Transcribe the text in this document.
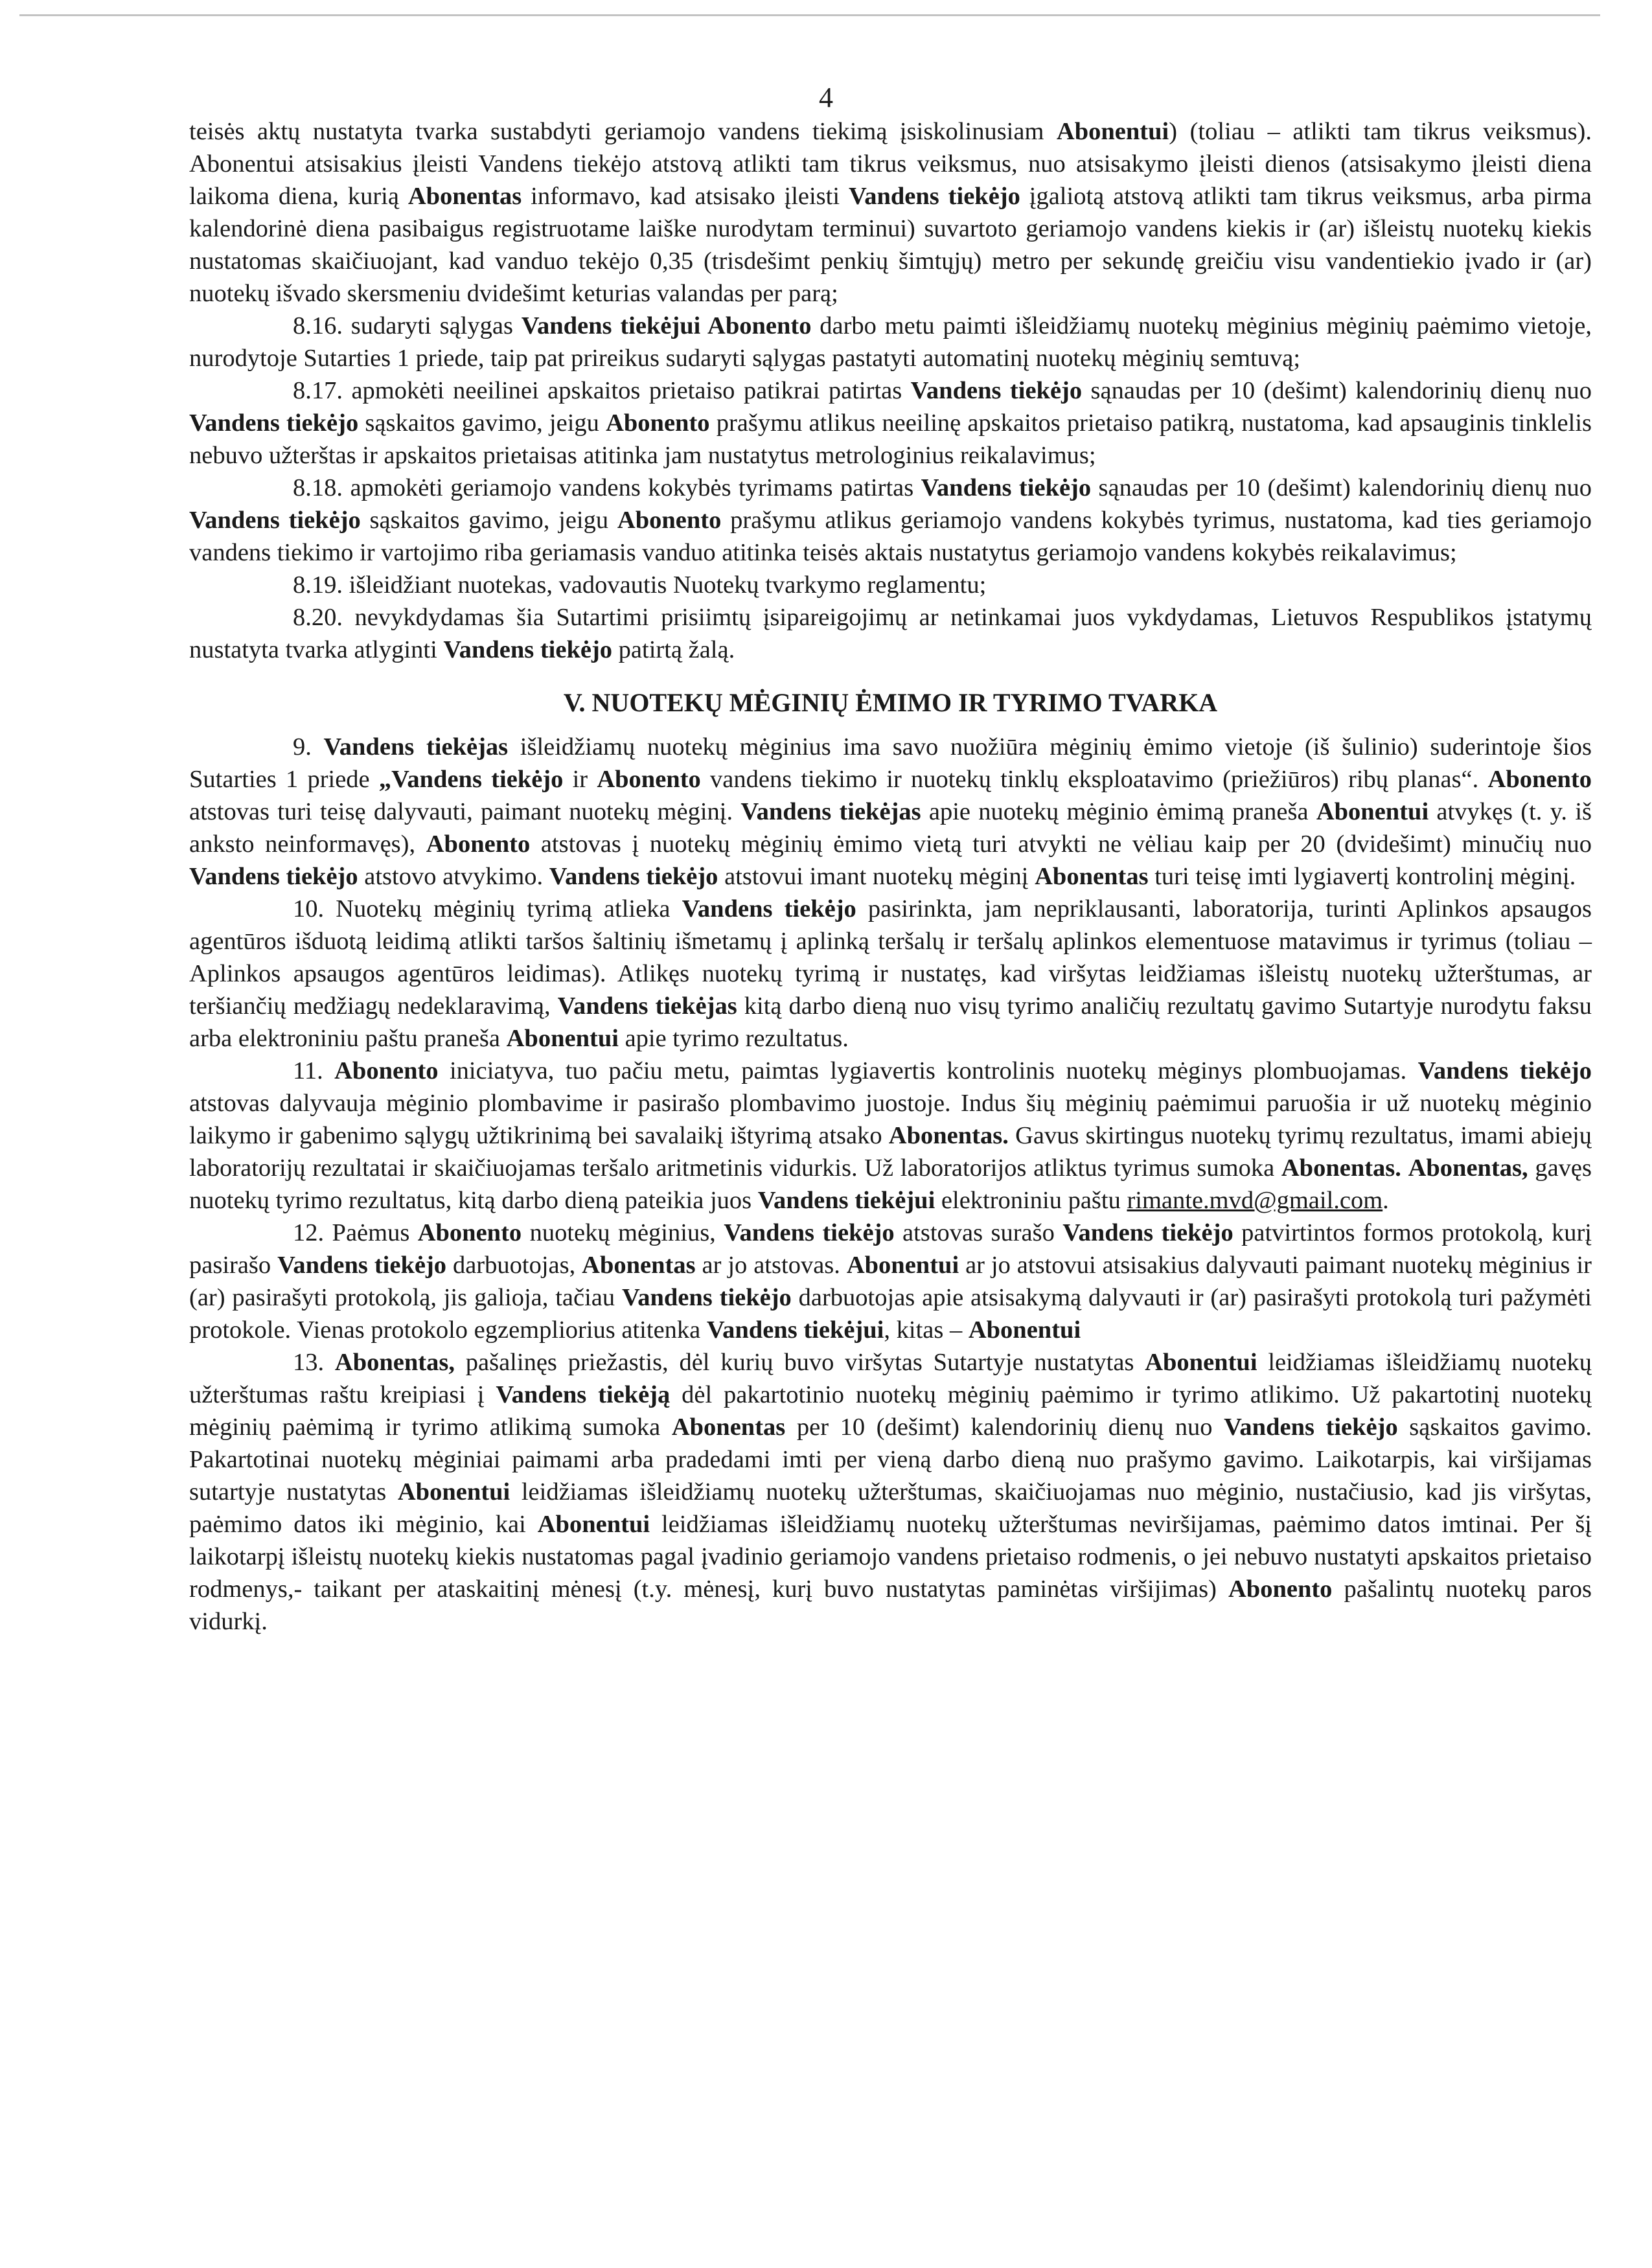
4

teisės aktų nustatyta tvarka sustabdyti geriamojo vandens tiekimą įsiskolinusiam Abonentui) (toliau – atlikti tam tikrus veiksmus). Abonentui atsisakius įleisti Vandens tiekėjo atstovą atlikti tam tikrus veiksmus, nuo atsisakymo įleisti dienos (atsisakymo įleisti diena laikoma diena, kurią Abonentas informavo, kad atsisako įleisti Vandens tiekėjo įgaliotą atstovą atlikti tam tikrus veiksmus, arba pirma kalendorinė diena pasibaigus registruotame laiške nurodytam terminui) suvartoto geriamojo vandens kiekis ir (ar) išleistų nuotekų kiekis nustatomas skaičiuojant, kad vanduo tekėjo 0,35 (trisdešimt penkių šimtųjų) metro per sekundę greičiu visu vandentiekio įvado ir (ar) nuotekų išvado skersmeniu dvidešimt keturias valandas per parą;

8.16. sudaryti sąlygas Vandens tiekėjui Abonento darbo metu paimti išleidžiamų nuotekų mėginius mėginių paėmimo vietoje, nurodytoje Sutarties 1 priede, taip pat prireikus sudaryti sąlygas pastatyti automatinį nuotekų mėginių semtuvą;

8.17. apmokėti neeilinei apskaitos prietaiso patikrai patirtas Vandens tiekėjo sąnaudas per 10 (dešimt) kalendorinių dienų nuo Vandens tiekėjo sąskaitos gavimo, jeigu Abonento prašymu atlikus neeilinę apskaitos prietaiso patikrą, nustatoma, kad apsauginis tinklelis nebuvo užterštas ir apskaitos prietaisas atitinka jam nustatytus metrologinius reikalavimus;

8.18. apmokėti geriamojo vandens kokybės tyrimams patirtas Vandens tiekėjo sąnaudas per 10 (dešimt) kalendorinių dienų nuo Vandens tiekėjo sąskaitos gavimo, jeigu Abonento prašymu atlikus geriamojo vandens kokybės tyrimus, nustatoma, kad ties geriamojo vandens tiekimo ir vartojimo riba geriamasis vanduo atitinka teisės aktais nustatytus geriamojo vandens kokybės reikalavimus;

8.19. išleidžiant nuotekas, vadovautis Nuotekų tvarkymo reglamentu;

8.20. nevykdydamas šia Sutartimi prisiimtų įsipareigojimų ar netinkamai juos vykdydamas, Lietuvos Respublikos įstatymų nustatyta tvarka atlyginti Vandens tiekėjo patirtą žalą.

V. NUOTEKŲ MĖGINIŲ ĖMIMO IR TYRIMO TVARKA

9. Vandens tiekėjas išleidžiamų nuotekų mėginius ima savo nuožiūra mėginių ėmimo vietoje (iš šulinio) suderintoje šios Sutarties 1 priede „Vandens tiekėjo ir Abonento vandens tiekimo ir nuotekų tinklų eksploatavimo (priežiūros) ribų planas“. Abonento atstovas turi teisę dalyvauti, paimant nuotekų mėginį. Vandens tiekėjas apie nuotekų mėginio ėmimą praneša Abonentui atvykęs (t. y. iš anksto neinformavęs), Abonento atstovas į nuotekų mėginių ėmimo vietą turi atvykti ne vėliau kaip per 20 (dvidešimt) minučių nuo Vandens tiekėjo atstovo atvykimo. Vandens tiekėjo atstovui imant nuotekų mėginį Abonentas turi teisę imti lygiavertį kontrolinį mėginį.

10. Nuotekų mėginių tyrimą atlieka Vandens tiekėjo pasirinkta, jam nepriklausanti, laboratorija, turinti Aplinkos apsaugos agentūros išduotą leidimą atlikti taršos šaltinių išmetamų į aplinką teršalų ir teršalų aplinkos elementuose matavimus ir tyrimus (toliau – Aplinkos apsaugos agentūros leidimas). Atlikęs nuotekų tyrimą ir nustatęs, kad viršytas leidžiamas išleistų nuotekų užterštumas, ar teršiančių medžiagų nedeklaravimą, Vandens tiekėjas kitą darbo dieną nuo visų tyrimo analičių rezultatų gavimo Sutartyje nurodytu faksu arba elektroniniu paštu praneša Abonentui apie tyrimo rezultatus.

11. Abonento iniciatyva, tuo pačiu metu, paimtas lygiavertis kontrolinis nuotekų mėginys plombuojamas. Vandens tiekėjo atstovas dalyvauja mėginio plombavime ir pasirašo plombavimo juostoje. Indus šių mėginių paėmimui paruošia ir už nuotekų mėginio laikymo ir gabenimo sąlygų užtikrinimą bei savalaikį ištyrimą atsako Abonentas. Gavus skirtingus nuotekų tyrimų rezultatus, imami abiejų laboratorijų rezultatai ir skaičiuojamas teršalo aritmetinis vidurkis. Už laboratorijos atliktus tyrimus sumoka Abonentas. Abonentas, gavęs nuotekų tyrimo rezultatus, kitą darbo dieną pateikia juos Vandens tiekėjui elektroniniu paštu rimante.mvd@gmail.com.

12. Paėmus Abonento nuotekų mėginius, Vandens tiekėjo atstovas surašo Vandens tiekėjo patvirtintos formos protokolą, kurį pasirašo Vandens tiekėjo darbuotojas, Abonentas ar jo atstovas. Abonentui ar jo atstovui atsisakius dalyvauti paimant nuotekų mėginius ir (ar) pasirašyti protokolą, jis galioja, tačiau Vandens tiekėjo darbuotojas apie atsisakymą dalyvauti ir (ar) pasirašyti protokolą turi pažymėti protokole. Vienas protokolo egzempliorius atitenka Vandens tiekėjui, kitas – Abonentui

13. Abonentas, pašalinęs priežastis, dėl kurių buvo viršytas Sutartyje nustatytas Abonentui leidžiamas išleidžiamų nuotekų užterštumas raštu kreipiasi į Vandens tiekėją dėl pakartotinio nuotekų mėginių paėmimo ir tyrimo atlikimo. Už pakartotinį nuotekų mėginių paėmimą ir tyrimo atlikimą sumoka Abonentas per 10 (dešimt) kalendorinių dienų nuo Vandens tiekėjo sąskaitos gavimo. Pakartotinai nuotekų mėginiai paimami arba pradedami imti per vieną darbo dieną nuo prašymo gavimo. Laikotarpis, kai viršijamas sutartyje nustatytas Abonentui leidžiamas išleidžiamų nuotekų užterštumas, skaičiuojamas nuo mėginio, nustačiusio, kad jis viršytas, paėmimo datos iki mėginio, kai Abonentui leidžiamas išleidžiamų nuotekų užterštumas neviršijamas, paėmimo datos imtinai. Per šį laikotarpį išleistų nuotekų kiekis nustatomas pagal įvadinio geriamojo vandens prietaiso rodmenis, o jei nebuvo nustatyti apskaitos prietaiso rodmenys,- taikant per ataskaitinį mėnesį (t.y. mėnesį, kurį buvo nustatytas paminėtas viršijimas) Abonento pašalintų nuotekų paros vidurkį.
